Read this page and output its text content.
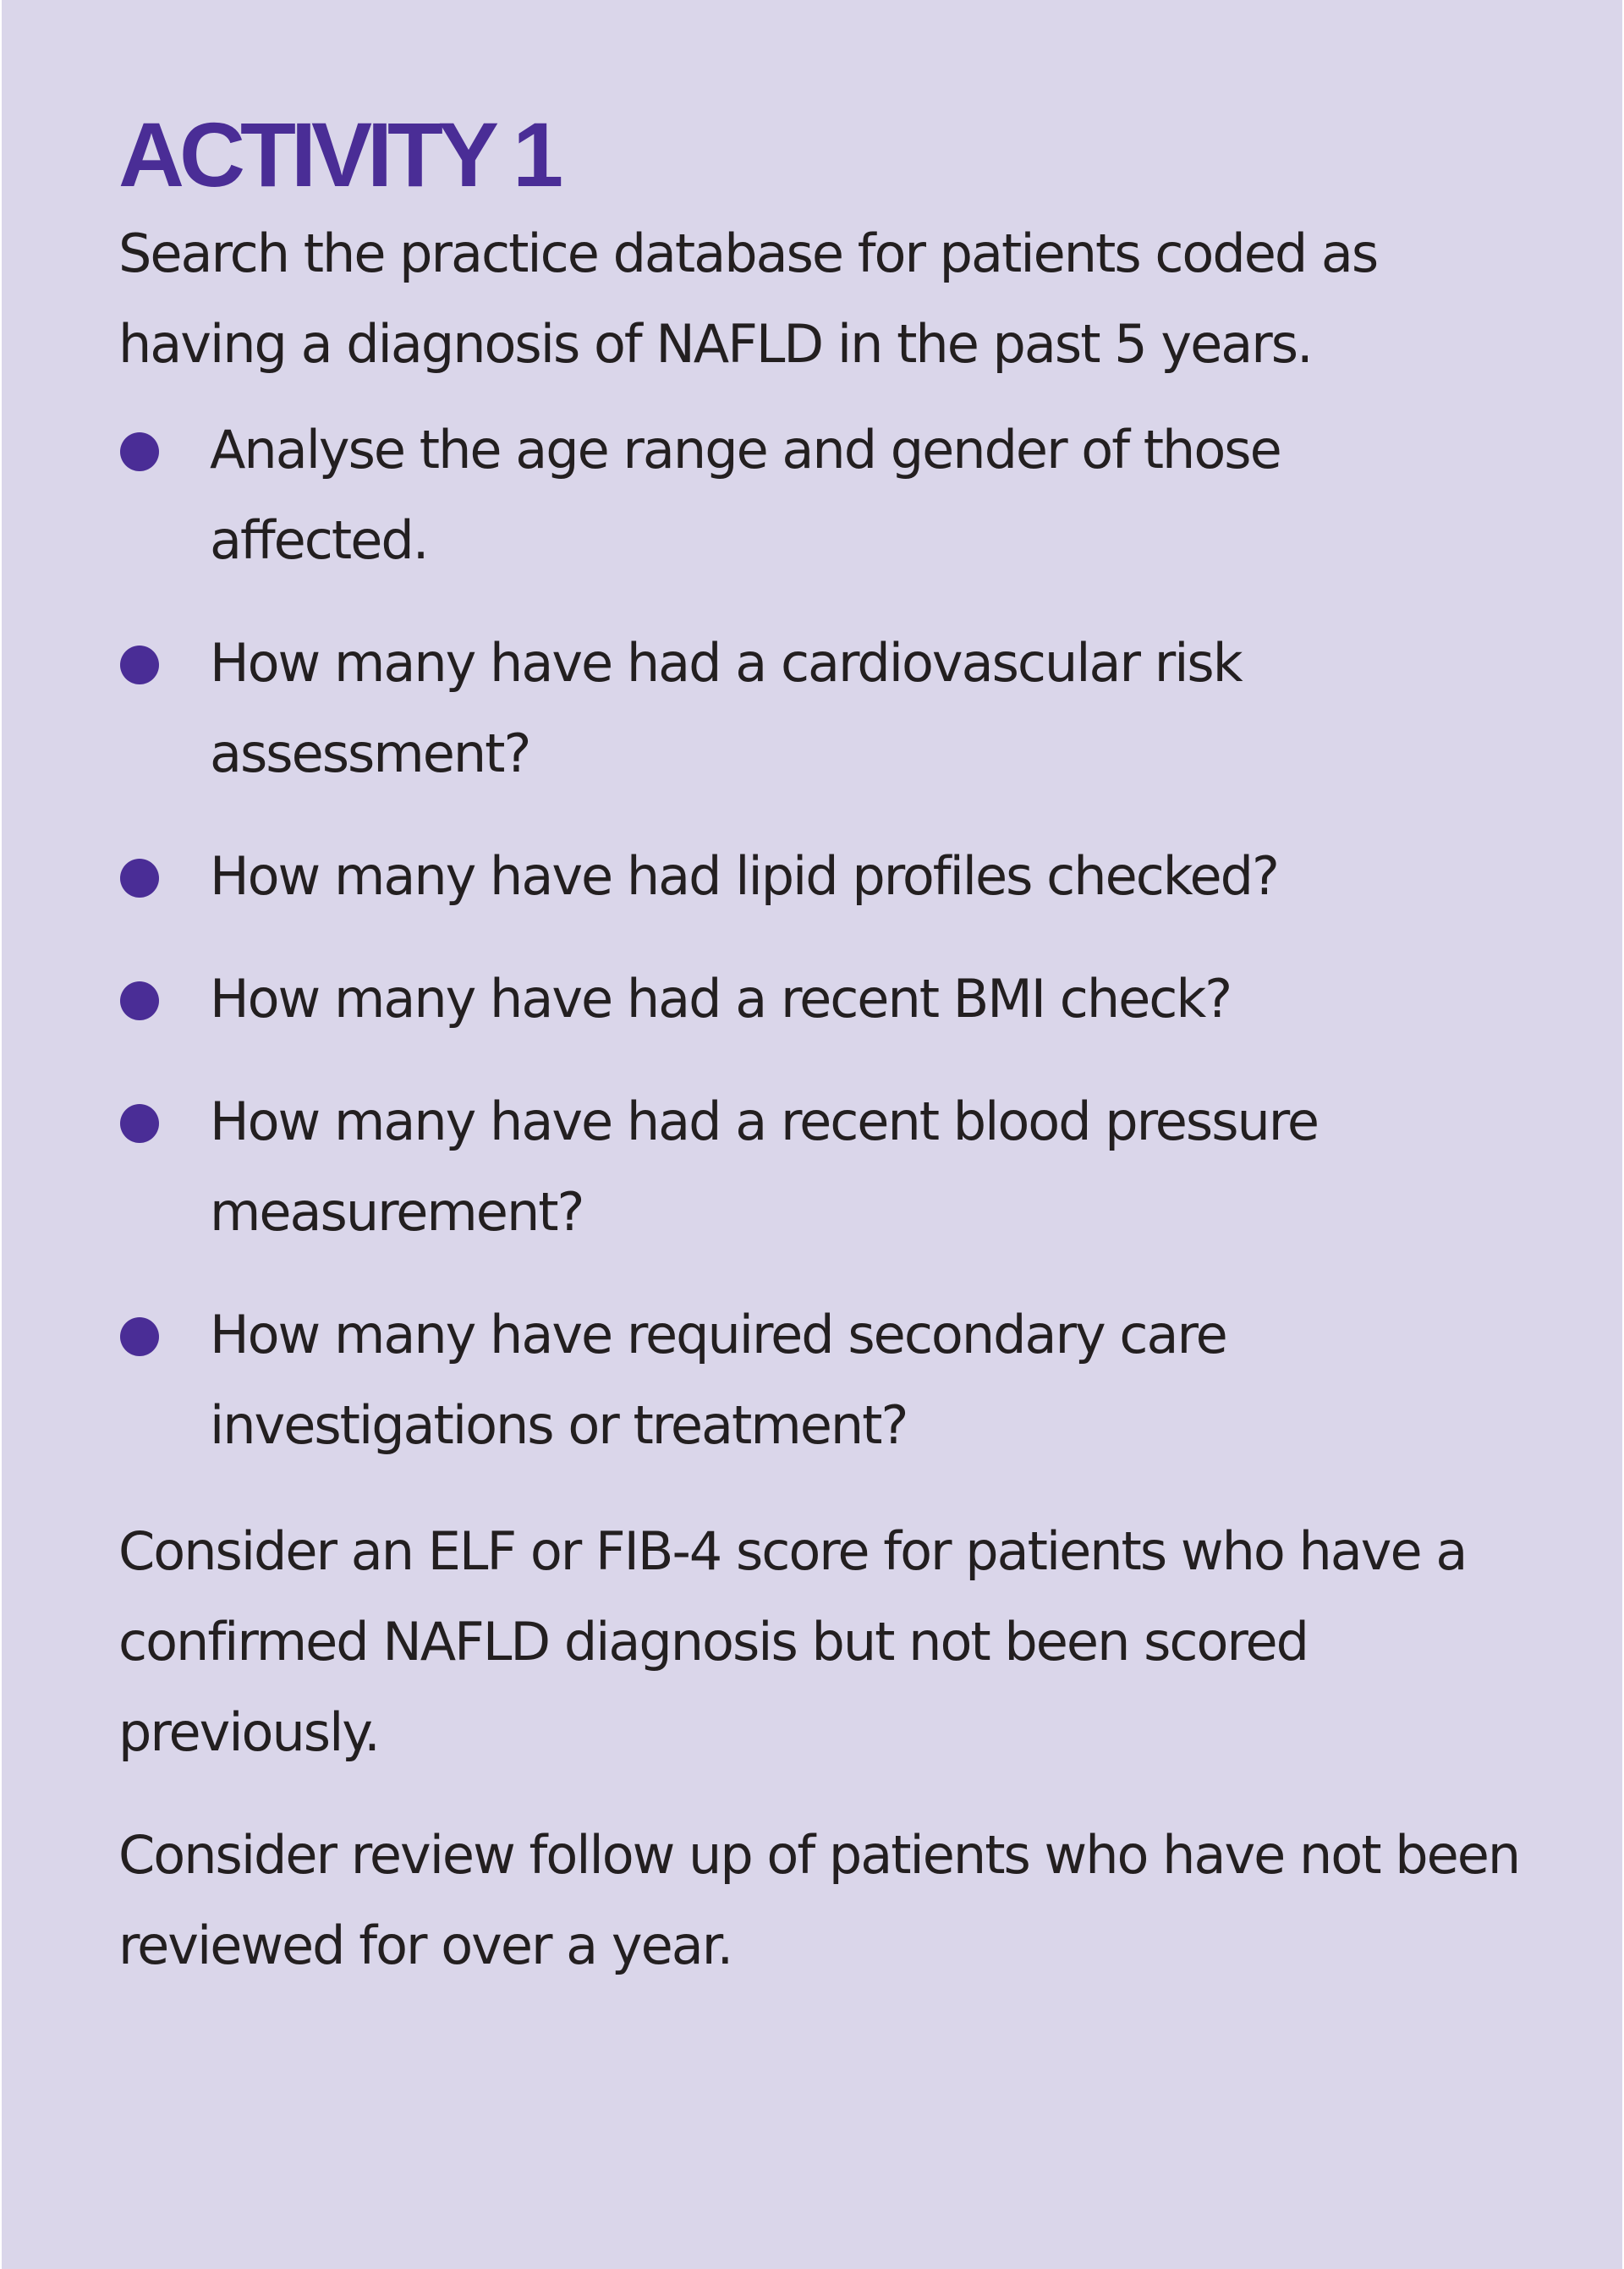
ACTIVITY 1

Search the practice database for patients coded as having a diagnosis of NAFLD in the past 5 years.

Analyse the age range and gender of those affected.
How many have had a cardiovascular risk assessment?
How many have had lipid profiles checked?
How many have had a recent BMI check?
How many have had a recent blood pressure measurement?
How many have required secondary care investigations or treatment?

Consider an ELF or FIB-4 score for patients who have a confirmed NAFLD diagnosis but not been scored previously.

Consider review follow up of patients who have not been reviewed for over a year.
